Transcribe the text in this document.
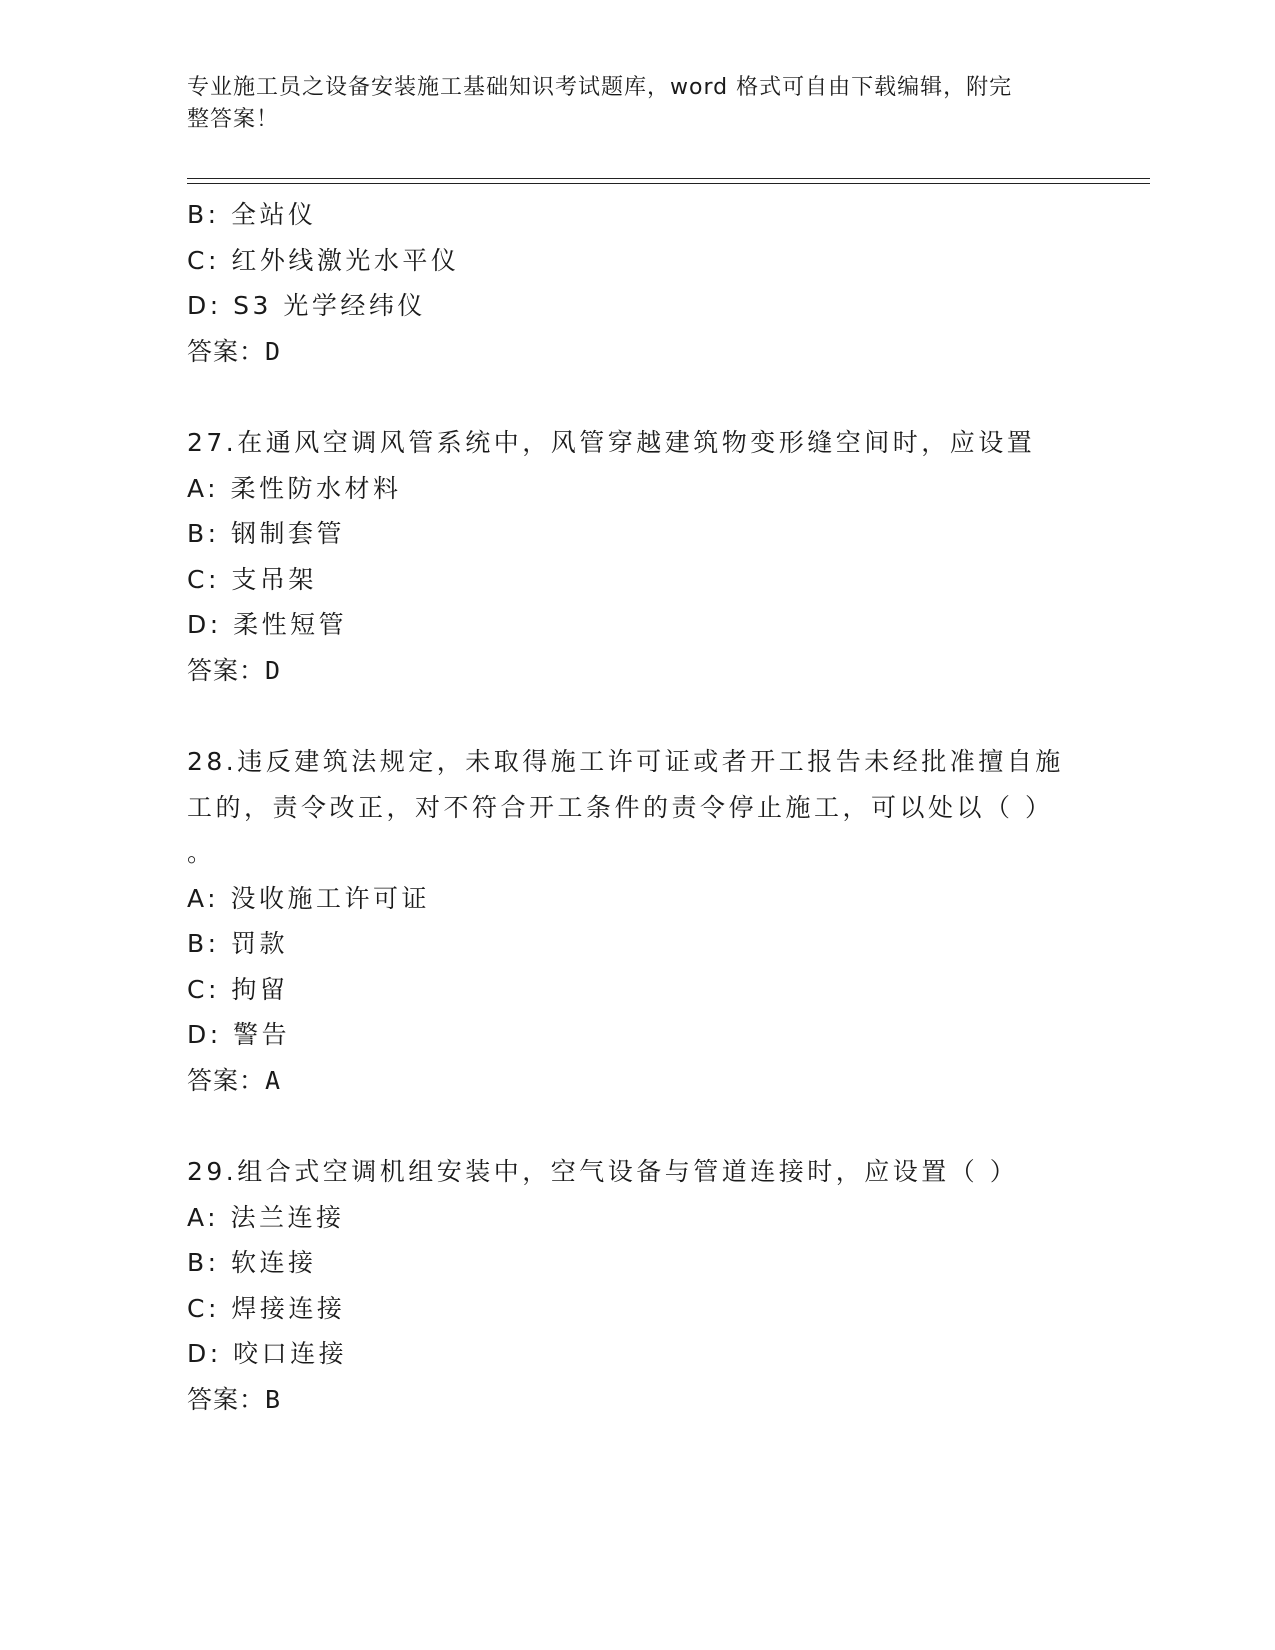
专业施工员之设备安装施工基础知识考试题库，word 格式可自由下载编辑，附完
整答案！
B: 全站仪
C: 红外线激光水平仪
D: S3 光学经纬仪
答案：D
27.在通风空调风管系统中，风管穿越建筑物变形缝空间时，应设置
A: 柔性防水材料
B: 钢制套管
C: 支吊架
D: 柔性短管
答案：D
28.违反建筑法规定，未取得施工许可证或者开工报告未经批准擅自施
工的，责令改正，对不符合开工条件的责令停止施工，可以处以（ ）
。
A: 没收施工许可证
B: 罚款
C: 拘留
D: 警告
答案：A
29.组合式空调机组安装中，空气设备与管道连接时，应设置（ ）
A: 法兰连接
B: 软连接
C: 焊接连接
D: 咬口连接
答案：B
